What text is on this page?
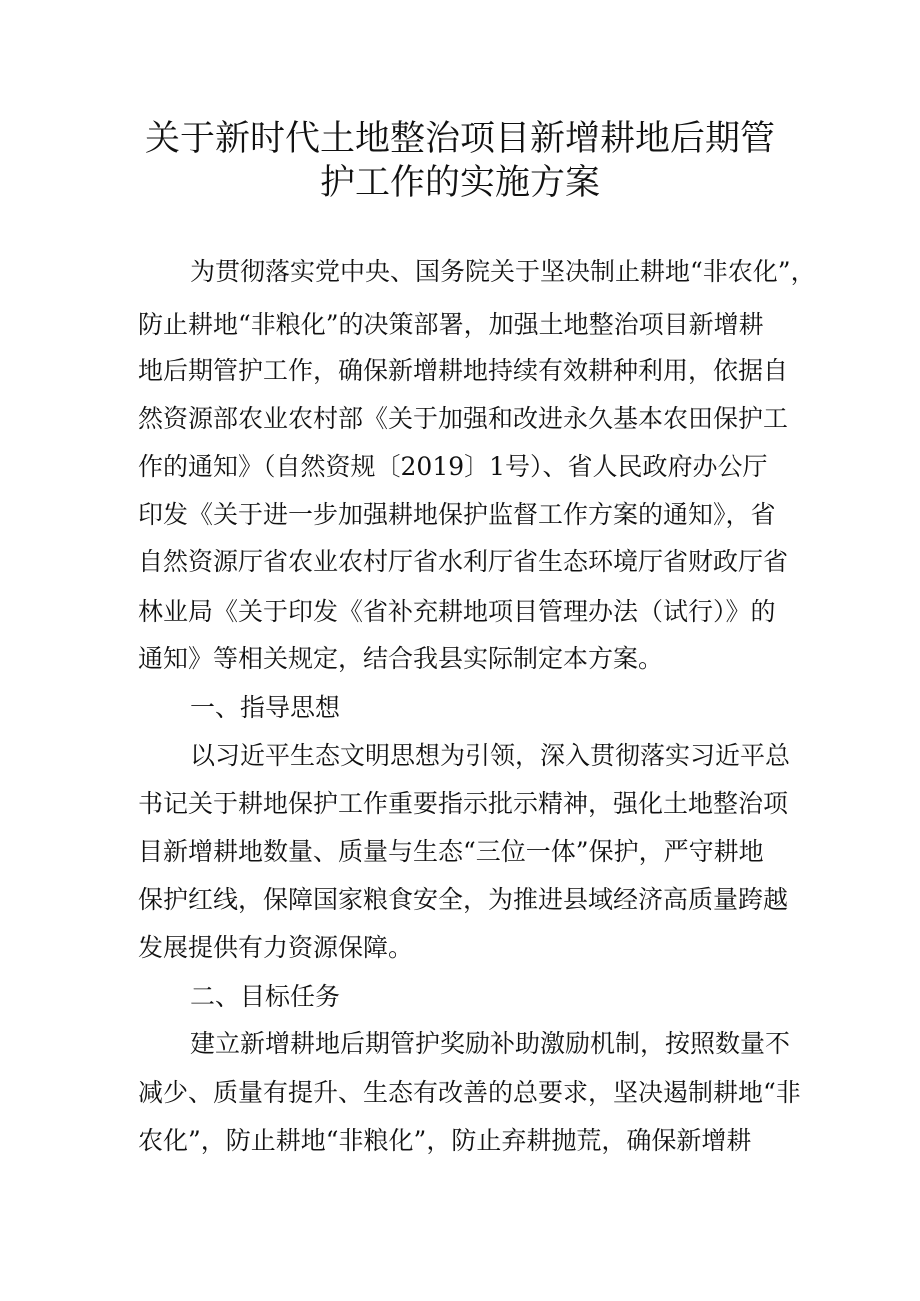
关于新时代土地整治项目新增耕地后期管
护工作的实施方案
为贯彻落实党中央、国务院关于坚决制止耕地“非农化”，
防止耕地“非粮化”的决策部署，加强土地整治项目新增耕
地后期管护工作，确保新增耕地持续有效耕种利用，依据自
然资源部农业农村部《关于加强和改进永久基本农田保护工
作的通知》（自然资规〔2019〕1号）、省人民政府办公厅
印发《关于进一步加强耕地保护监督工作方案的通知》，省
自然资源厅省农业农村厅省水利厅省生态环境厅省财政厅省
林业局《关于印发《省补充耕地项目管理办法（试行）》的
通知》等相关规定，结合我县实际制定本方案。
一、指导思想
以习近平生态文明思想为引领，深入贯彻落实习近平总
书记关于耕地保护工作重要指示批示精神，强化土地整治项
目新增耕地数量、质量与生态“三位一体”保护，严守耕地
保护红线，保障国家粮食安全，为推进县域经济高质量跨越
发展提供有力资源保障。
二、目标任务
建立新增耕地后期管护奖励补助激励机制，按照数量不
减少、质量有提升、生态有改善的总要求，坚决遏制耕地“非
农化”，防止耕地“非粮化”，防止弃耕抛荒，确保新增耕
